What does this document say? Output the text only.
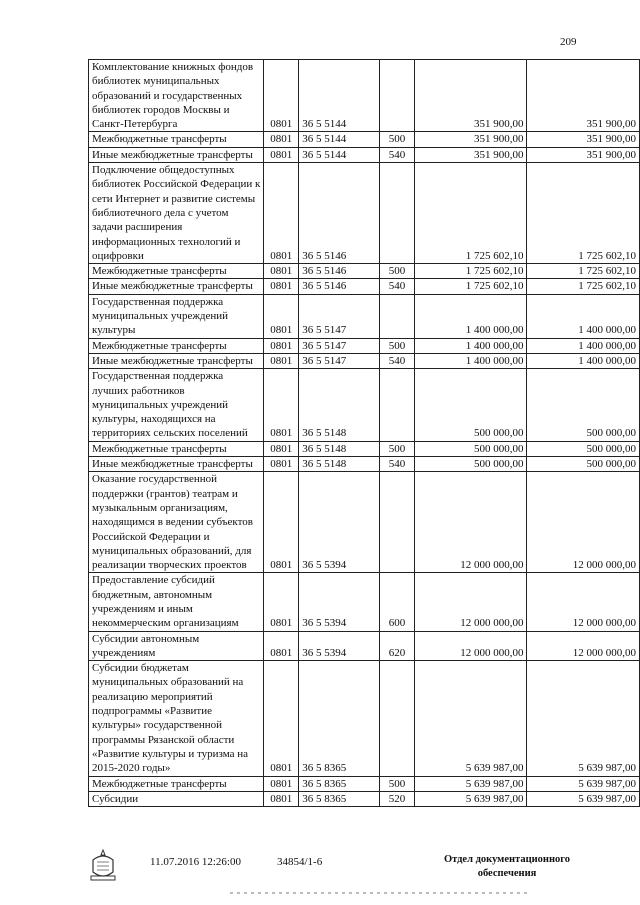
209
Комплектование книжных фондов библиотек муниципальных образований и государственных библиотек городов Москвы и Санкт-Петербурга	0801	36 5 5144		351 900,00	351 900,00
Межбюджетные трансферты	0801	36 5 5144	500	351 900,00	351 900,00
Иные межбюджетные трансферты	0801	36 5 5144	540	351 900,00	351 900,00
Подключение общедоступных библиотек Российской Федерации к сети Интернет и развитие системы библиотечного дела с учетом задачи расширения информационных технологий и оцифровки	0801	36 5 5146		1 725 602,10	1 725 602,10
Межбюджетные трансферты	0801	36 5 5146	500	1 725 602,10	1 725 602,10
Иные межбюджетные трансферты	0801	36 5 5146	540	1 725 602,10	1 725 602,10
Государственная поддержка муниципальных учреждений культуры	0801	36 5 5147		1 400 000,00	1 400 000,00
Межбюджетные трансферты	0801	36 5 5147	500	1 400 000,00	1 400 000,00
Иные межбюджетные трансферты	0801	36 5 5147	540	1 400 000,00	1 400 000,00
Государственная поддержка лучших работников муниципальных учреждений культуры, находящихся на территориях сельских поселений	0801	36 5 5148		500 000,00	500 000,00
Межбюджетные трансферты	0801	36 5 5148	500	500 000,00	500 000,00
Иные межбюджетные трансферты	0801	36 5 5148	540	500 000,00	500 000,00
Оказание государственной поддержки (грантов) театрам и музыкальным организациям, находящимся в ведении субъектов Российской Федерации и муниципальных образований, для реализации творческих проектов	0801	36 5 5394		12 000 000,00	12 000 000,00
Предоставление субсидий бюджетным, автономным учреждениям и иным некоммерческим организациям	0801	36 5 5394	600	12 000 000,00	12 000 000,00
Субсидии автономным учреждениям	0801	36 5 5394	620	12 000 000,00	12 000 000,00
Субсидии бюджетам муниципальных образований на реализацию мероприятий подпрограммы «Развитие культуры» государственной программы Рязанской области «Развитие культуры и туризма на 2015-2020 годы»	0801	36 5 8365		5 639 987,00	5 639 987,00
Межбюджетные трансферты	0801	36 5 8365	500	5 639 987,00	5 639 987,00
Субсидии	0801	36 5 8365	520	5 639 987,00	5 639 987,00
11.07.2016 12:26:00	34854/1-6	Отдел документационного обеспечения
